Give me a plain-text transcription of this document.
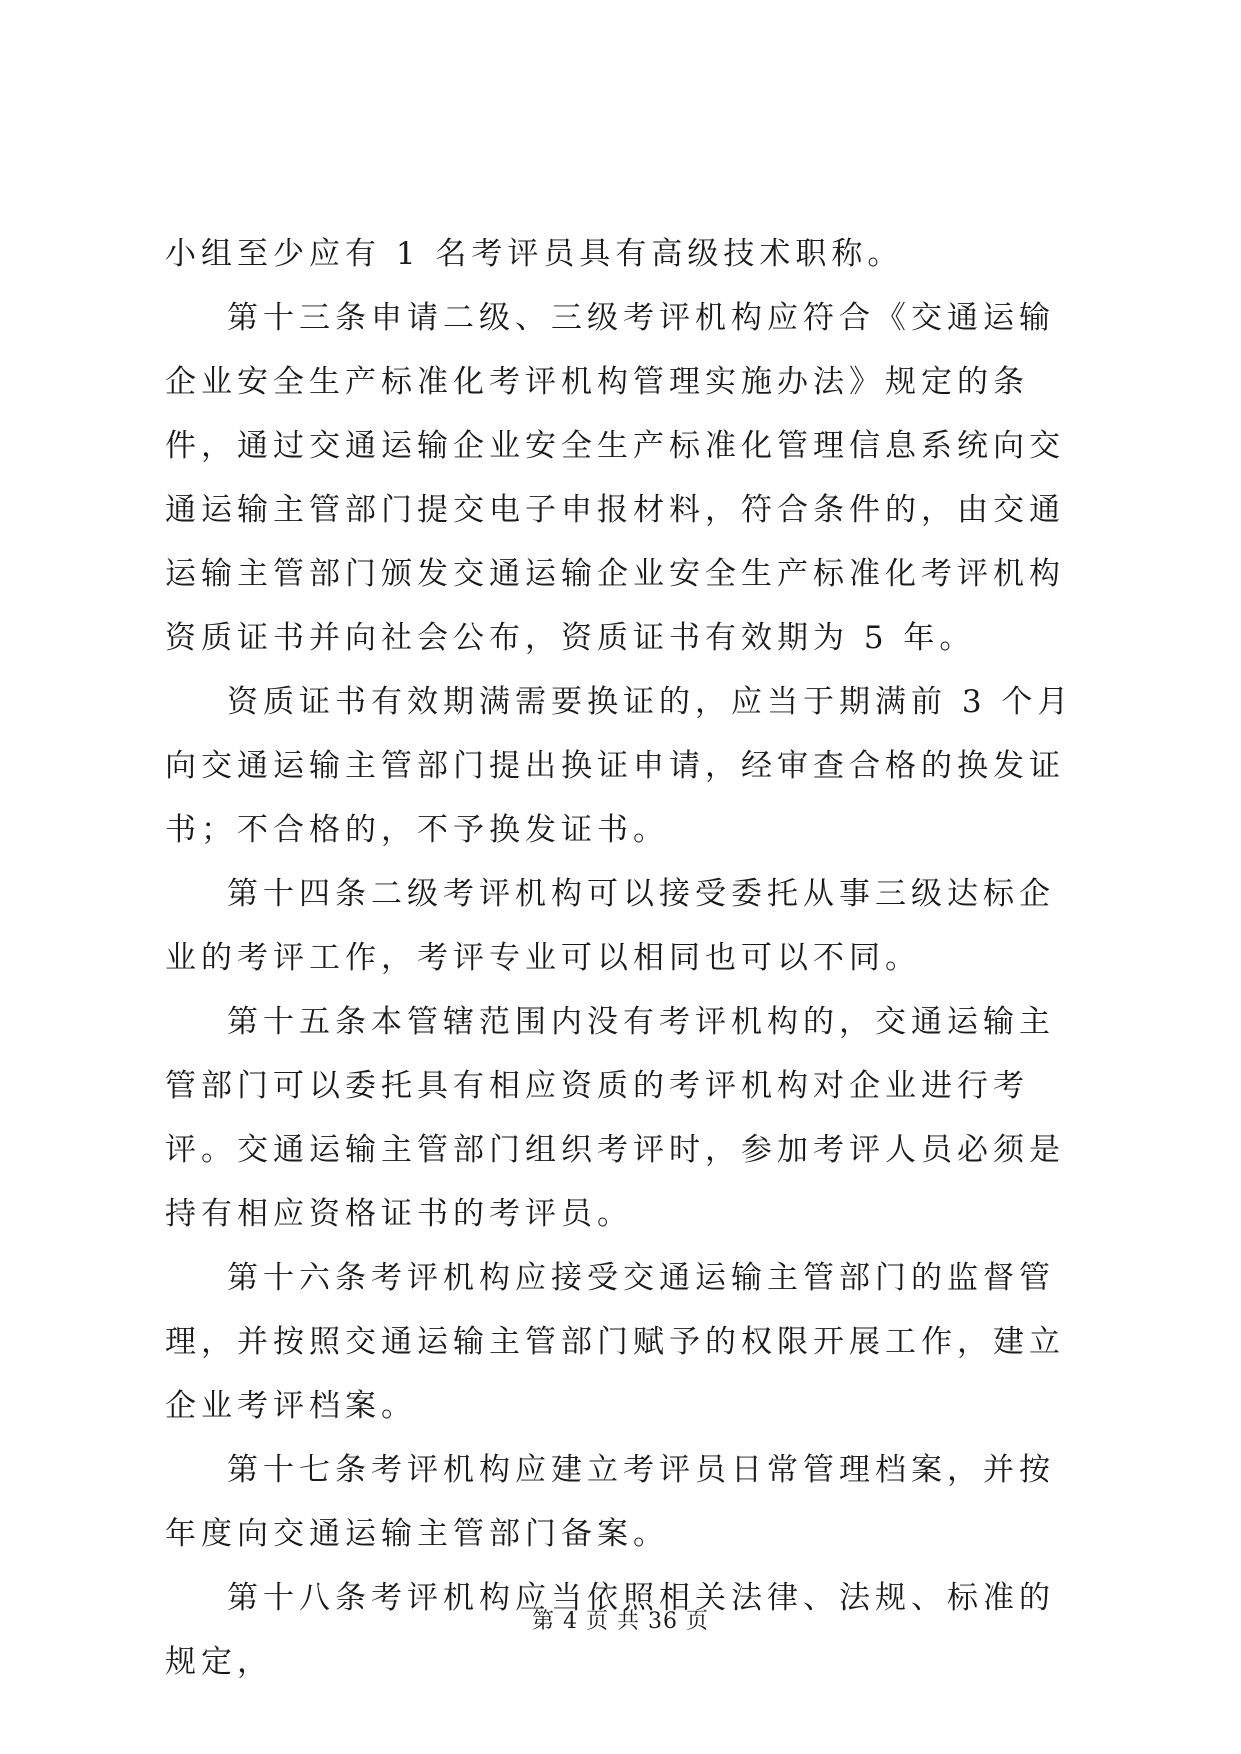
小组至少应有 1 名考评员具有高级技术职称。

第十三条申请二级、三级考评机构应符合《交通运输企业安全生产标准化考评机构管理实施办法》规定的条件，通过交通运输企业安全生产标准化管理信息系统向交通运输主管部门提交电子申报材料，符合条件的，由交通运输主管部门颁发交通运输企业安全生产标准化考评机构资质证书并向社会公布，资质证书有效期为 5 年。

资质证书有效期满需要换证的，应当于期满前 3 个月向交通运输主管部门提出换证申请，经审查合格的换发证书；不合格的，不予换发证书。

第十四条二级考评机构可以接受委托从事三级达标企业的考评工作，考评专业可以相同也可以不同。

第十五条本管辖范围内没有考评机构的，交通运输主管部门可以委托具有相应资质的考评机构对企业进行考评。交通运输主管部门组织考评时，参加考评人员必须是持有相应资格证书的考评员。

第十六条考评机构应接受交通运输主管部门的监督管理，并按照交通运输主管部门赋予的权限开展工作，建立企业考评档案。

第十七条考评机构应建立考评员日常管理档案，并按年度向交通运输主管部门备案。

第十八条考评机构应当依照相关法律、法规、标准的规定，

第 4 页 共 36 页
